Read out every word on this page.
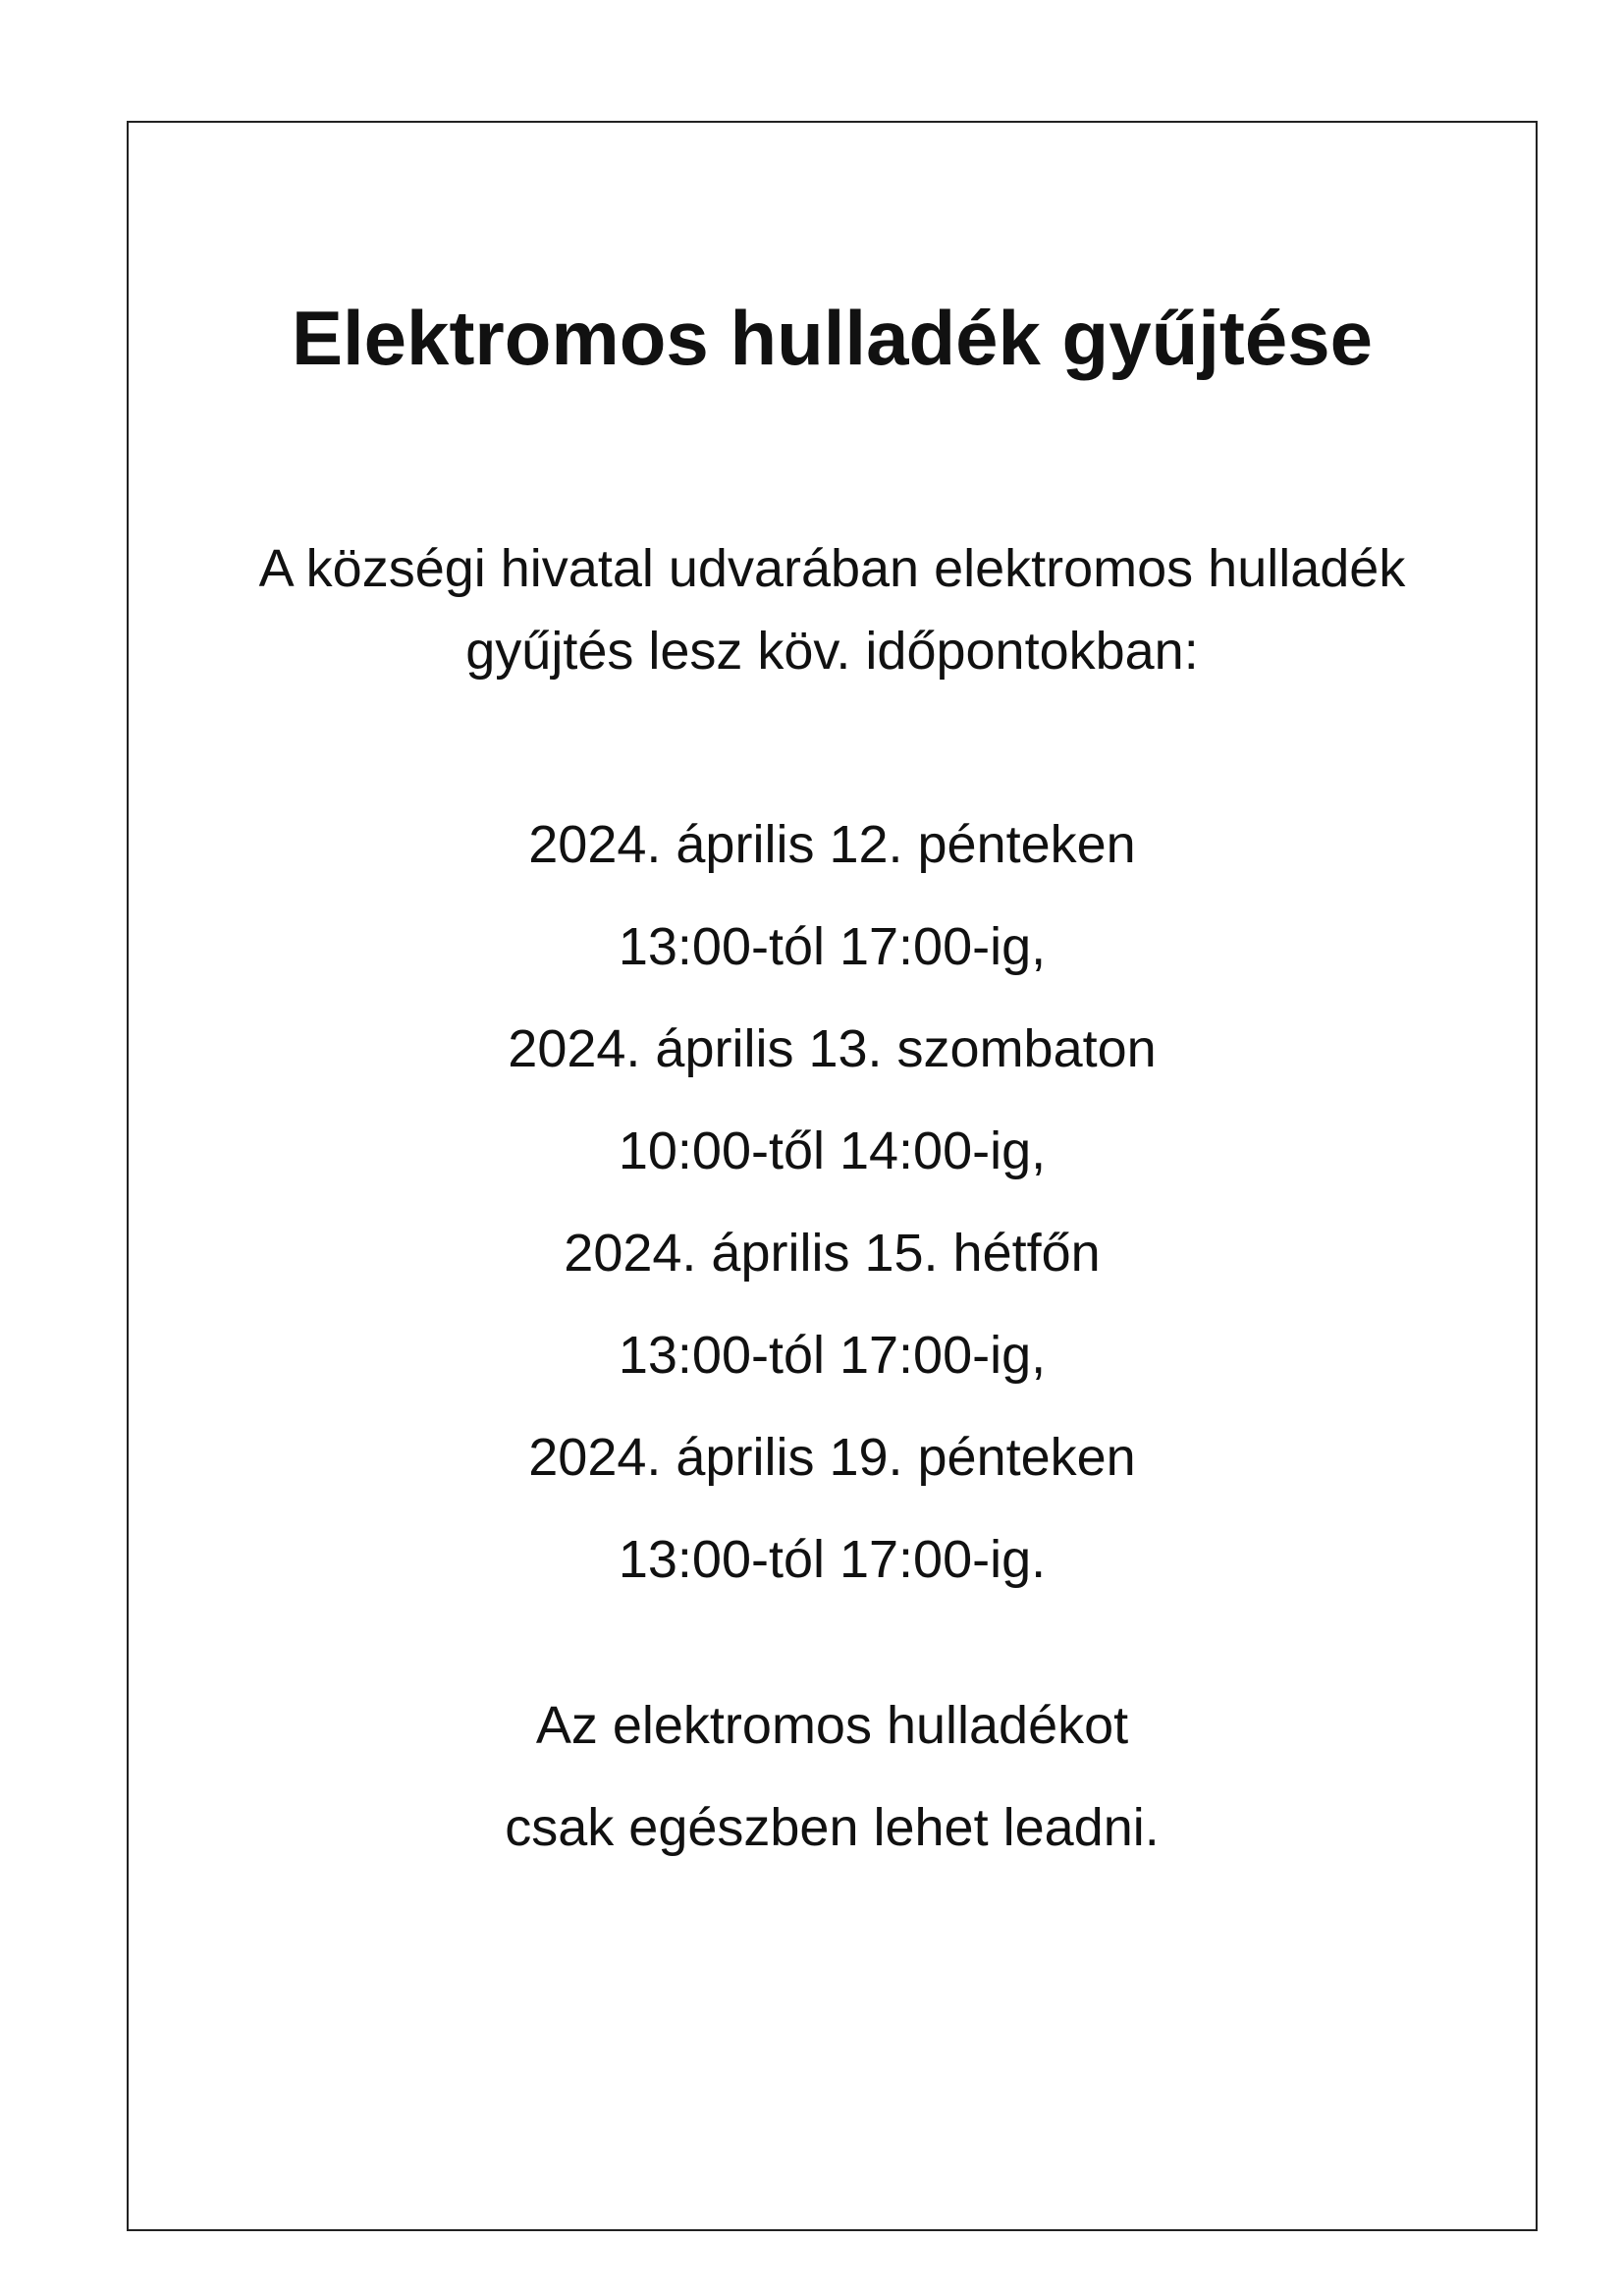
Elektromos hulladék gyűjtése
A községi hivatal udvarában elektromos hulladék
gyűjtés lesz köv. időpontokban:
2024. április 12. pénteken
13:00-tól 17:00-ig,
2024. április 13. szombaton
10:00-től 14:00-ig,
2024. április 15. hétfőn
13:00-tól 17:00-ig,
2024. április 19. pénteken
13:00-tól 17:00-ig.
Az elektromos hulladékot
csak egészben lehet leadni.
